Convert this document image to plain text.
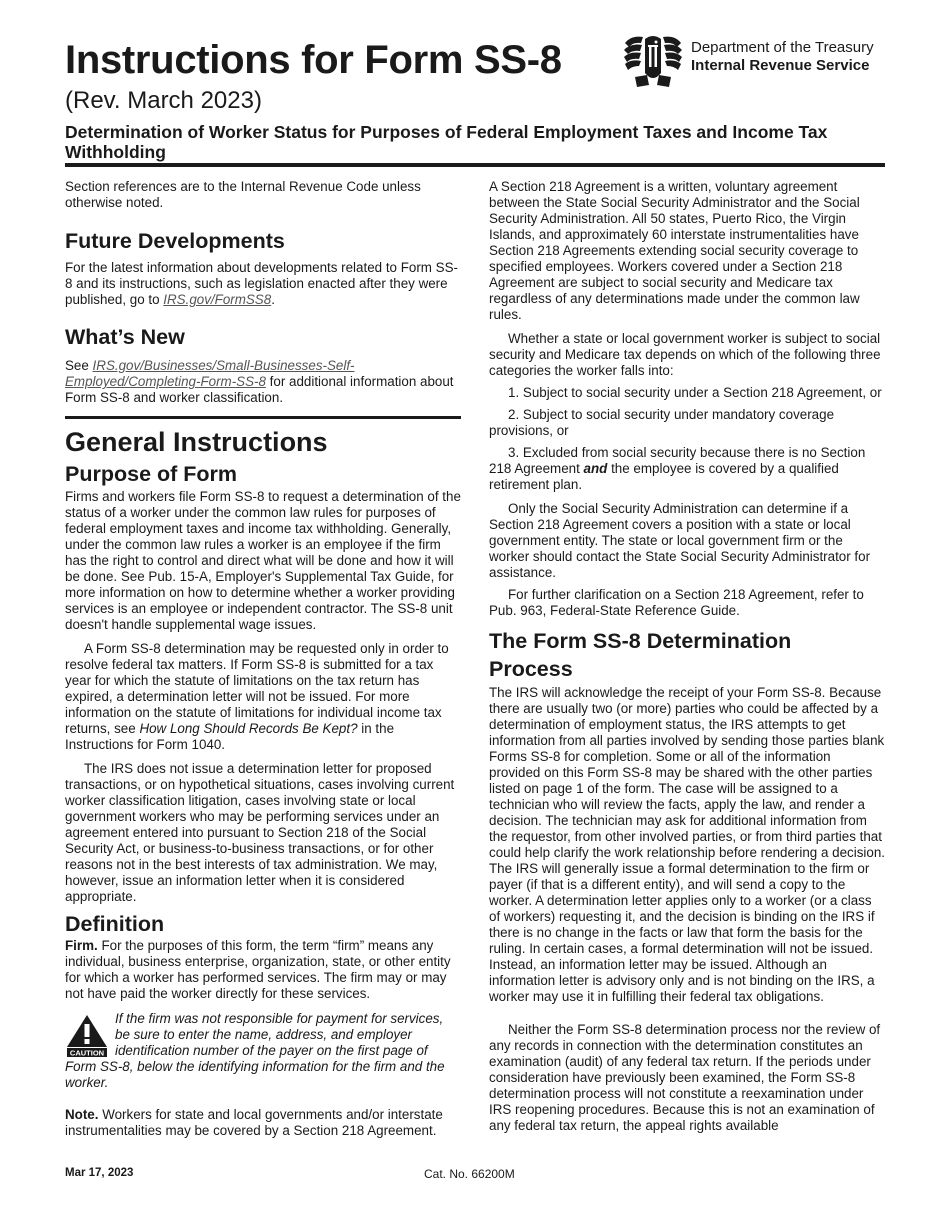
Instructions for Form SS-8
(Rev. March 2023)
Determination of Worker Status for Purposes of Federal Employment Taxes and Income Tax Withholding
Department of the Treasury
Internal Revenue Service

Section references are to the Internal Revenue Code unless otherwise noted.

Future Developments

For the latest information about developments related to Form SS-8 and its instructions, such as legislation enacted after they were published, go to IRS.gov/FormSS8.

What’s New

See IRS.gov/Businesses/Small-Businesses-Self-Employed/Completing-Form-SS-8 for additional information about Form SS-8 and worker classification.

General Instructions
Purpose of Form

Firms and workers file Form SS-8 to request a determination of the status of a worker under the common law rules for purposes of federal employment taxes and income tax withholding. Generally, under the common law rules a worker is an employee if the firm has the right to control and direct what will be done and how it will be done. See Pub. 15-A, Employer's Supplemental Tax Guide, for more information on how to determine whether a worker providing services is an employee or independent contractor. The SS-8 unit doesn't handle supplemental wage issues.

A Form SS-8 determination may be requested only in order to resolve federal tax matters. If Form SS-8 is submitted for a tax year for which the statute of limitations on the tax return has expired, a determination letter will not be issued. For more information on the statute of limitations for individual income tax returns, see How Long Should Records Be Kept? in the Instructions for Form 1040.

The IRS does not issue a determination letter for proposed transactions, or on hypothetical situations, cases involving current worker classification litigation, cases involving state or local government workers who may be performing services under an agreement entered into pursuant to Section 218 of the Social Security Act, or business-to-business transactions, or for other reasons not in the best interests of tax administration. We may, however, issue an information letter when it is considered appropriate.

Definition

Firm. For the purposes of this form, the term “firm” means any individual, business enterprise, organization, state, or other entity for which a worker has performed services. The firm may or may not have paid the worker directly for these services.

CAUTION

If the firm was not responsible for payment for services, be sure to enter the name, address, and employer identification number of the payer on the first page of Form SS-8, below the identifying information for the firm and the worker.

Note. Workers for state and local governments and/or interstate instrumentalities may be covered by a Section 218 Agreement.

A Section 218 Agreement is a written, voluntary agreement between the State Social Security Administrator and the Social Security Administration. All 50 states, Puerto Rico, the Virgin Islands, and approximately 60 interstate instrumentalities have Section 218 Agreements extending social security coverage to specified employees. Workers covered under a Section 218 Agreement are subject to social security and Medicare tax regardless of any determinations made under the common law rules.

Whether a state or local government worker is subject to social security and Medicare tax depends on which of the following three categories the worker falls into:

1. Subject to social security under a Section 218 Agreement, or

2. Subject to social security under mandatory coverage provisions, or

3. Excluded from social security because there is no Section 218 Agreement and the employee is covered by a qualified retirement plan.

Only the Social Security Administration can determine if a Section 218 Agreement covers a position with a state or local government entity. The state or local government firm or the worker should contact the State Social Security Administrator for assistance.

For further clarification on a Section 218 Agreement, refer to Pub. 963, Federal-State Reference Guide.

The Form SS-8 Determination Process

The IRS will acknowledge the receipt of your Form SS-8. Because there are usually two (or more) parties who could be affected by a determination of employment status, the IRS attempts to get information from all parties involved by sending those parties blank Forms SS-8 for completion. Some or all of the information provided on this Form SS-8 may be shared with the other parties listed on page 1 of the form. The case will be assigned to a technician who will review the facts, apply the law, and render a decision. The technician may ask for additional information from the requestor, from other involved parties, or from third parties that could help clarify the work relationship before rendering a decision. The IRS will generally issue a formal determination to the firm or payer (if that is a different entity), and will send a copy to the worker. A determination letter applies only to a worker (or a class of workers) requesting it, and the decision is binding on the IRS if there is no change in the facts or law that form the basis for the ruling. In certain cases, a formal determination will not be issued. Instead, an information letter may be issued. Although an information letter is advisory only and is not binding on the IRS, a worker may use it in fulfilling their federal tax obligations.

Neither the Form SS-8 determination process nor the review of any records in connection with the determination constitutes an examination (audit) of any federal tax return. If the periods under consideration have previously been examined, the Form SS-8 determination process will not constitute a reexamination under IRS reopening procedures. Because this is not an examination of any federal tax return, the appeal rights available

Mar 17, 2023	Cat. No. 66200M
